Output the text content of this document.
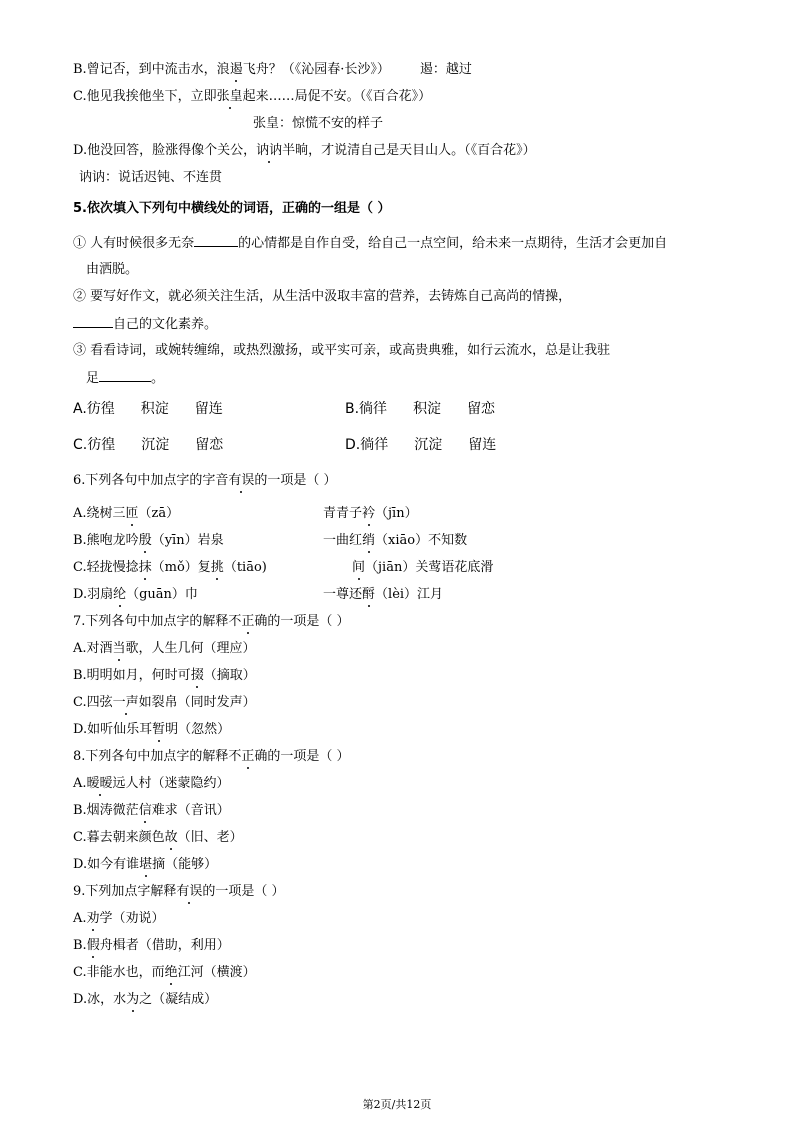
B.曾记否，到中流击水，浪遏飞舟？（《沁园春·长沙》） 遏：越过
C.他见我挨他坐下，立即张皇起来……局促不安。（《百合花》）
张皇：惊慌不安的样子
D.他没回答，脸涨得像个关公，讷讷半晌，才说清自己是天目山人。（《百合花》）
讷讷：说话迟钝、不连贯
5.依次填入下列句中横线处的词语，正确的一组是（ ）
① 人有时候很多无奈	的心情都是自作自受，给自己一点空间，给未来一点期待，生活才会更加自
由洒脱。
② 要写好作文，就必须关注生活，从生活中汲取丰富的营养，去铸炼自己高尚的情操，
自己的文化素养。
③ 看看诗词，或婉转缠绵，或热烈激扬，或平实可亲，或高贵典雅，如行云流水，总是让我驻
足	。
A.彷徨 积淀 留连	B.徜徉 积淀 留恋
C.彷徨 沉淀 留恋	D.徜徉 沉淀 留连
6.下列各句中加点字的字音有误的一项是（ ）
A.绕树三匝（zā）	青青子衿（jīn）
B.熊咆龙吟殷（yīn）岩泉	一曲红绡（xiāo）不知数
C.轻拢慢捻抹（mǒ）复挑（tiāo)	间（jiān）关莺语花底滑
D.羽扇纶（guān）巾	一尊还酹（lèi）江月
7.下列各句中加点字的解释不正确的一项是（ ）
A.对酒当歌，人生几何（理应）
B.明明如月，何时可掇（摘取）
C.四弦一声如裂帛（同时发声）
D.如听仙乐耳暂明（忽然）
8.下列各句中加点字的解释不正确的一项是（ ）
A.暧暧远人村（迷蒙隐约）
B.烟涛微茫信难求（音讯）
C.暮去朝来颜色故（旧、老）
D.如今有谁堪摘（能够）
9.下列加点字解释有误的一项是（ ）
A.劝学（劝说）
B.假舟楫者（借助，利用）
C.非能水也，而绝江河（横渡）
D.冰，水为之（凝结成）
第2页/共12页
